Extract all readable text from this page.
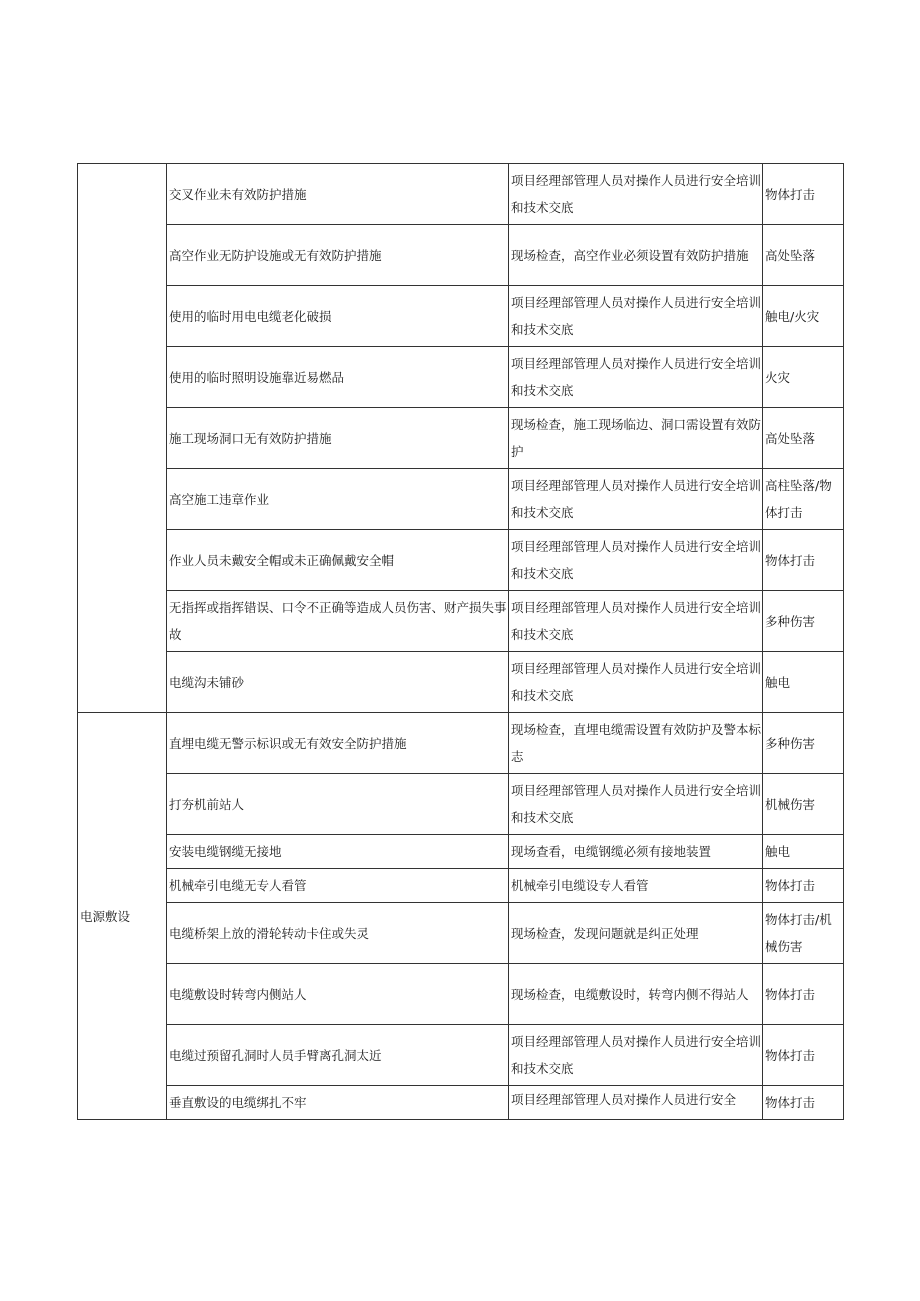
	交叉作业未有效防护措施	项目经理部管理人员对操作人员进行安全培训和技术交底	物体打击
	高空作业无防护设施或无有效防护措施	现场检查，高空作业必须设置有效防护措施	高处坠落
	使用的临时用电电缆老化破损	项目经理部管理人员对操作人员进行安全培训和技术交底	触电/火灾
	使用的临时照明设施靠近易燃品	项目经理部管理人员对操作人员进行安全培训和技术交底	火灾
	施工现场洞口无有效防护措施	现场检查，施工现场临边、洞口需设置有效防护	高处坠落
	高空施工违章作业	项目经理部管理人员对操作人员进行安全培训和技术交底	高柱坠落/物体打击
	作业人员未戴安全帽或未正确佩戴安全帽	项目经理部管理人员对操作人员进行安全培训和技术交底	物体打击
	无指挥或指挥错误、口令不正确等造成人员伤害、财产损失事故	项目经理部管理人员对操作人员进行安全培训和技术交底	多种伤害
	电缆沟未铺砂	项目经理部管理人员对操作人员进行安全培训和技术交底	触电
电源敷设	直埋电缆无警示标识或无有效安全防护措施	现场检查，直埋电缆需设置有效防护及警本标志	多种伤害
	打夯机前站人	项目经理部管理人员对操作人员进行安全培训和技术交底	机械伤害
	安装电缆钢缆无接地	现场查看，电缆钢缆必须有接地装置	触电
	机械牵引电缆无专人看管	机械牵引电缆设专人看管	物体打击
	电缆桥架上放的滑轮转动卡住或失灵	现场检查，发现问题就是纠正处理	物体打击/机械伤害
	电缆敷设时转弯内侧站人	现场检查，电缆敷设时，转弯内侧不得站人	物体打击
	电缆过预留孔洞时人员手臂离孔洞太近	项目经理部管理人员对操作人员进行安全培训和技术交底	物体打击
	垂直敷设的电缆绑扎不牢	项目经理部管理人员对操作人员进行安全	物体打击
